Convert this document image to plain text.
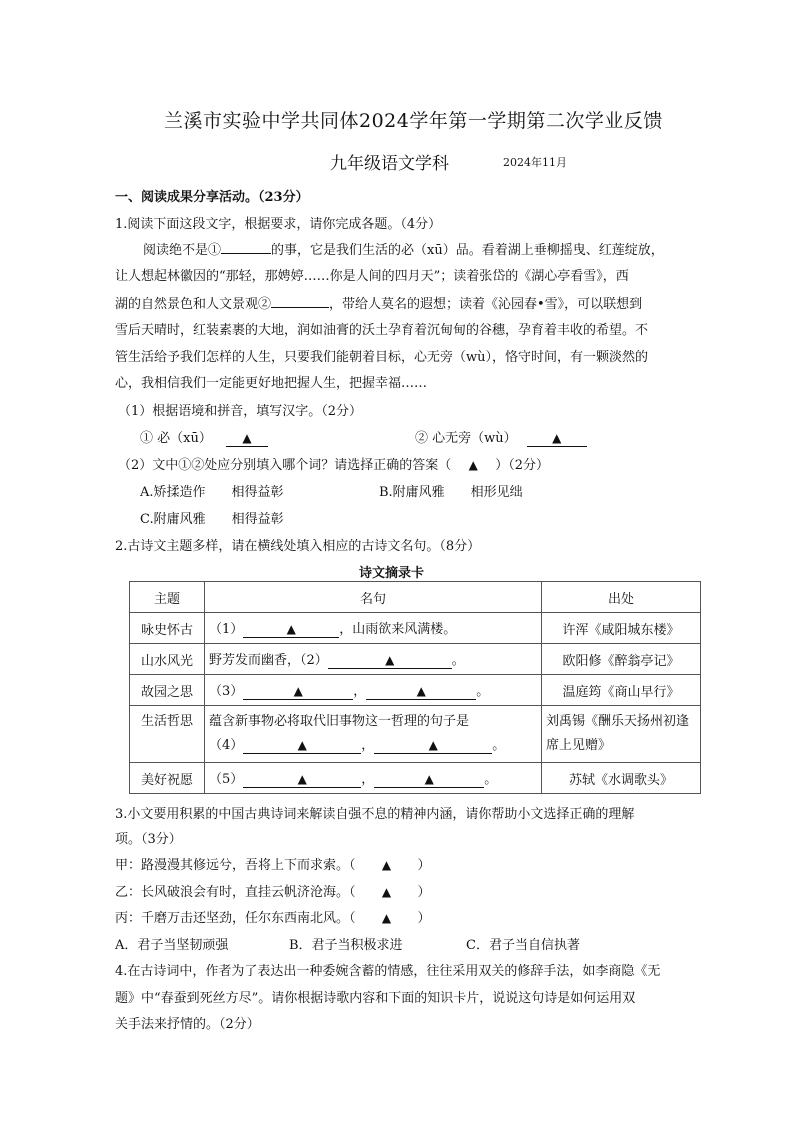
兰溪市实验中学共同体2024学年第一学期第二次学业反馈
九年级语文学科	2024年11月
一、阅读成果分享活动。（23分）
1.阅读下面这段文字，根据要求，请你完成各题。（4分）
阅读绝不是①	的事，它是我们生活的必（xū）品。看着湖上垂柳摇曳、红莲绽放，
让人想起林徽因的“那轻，那娉婷……你是人间的四月天”；读着张岱的《湖心亭看雪》，西
湖的自然景色和人文景观②	，带给人莫名的遐想；读着《沁园春•雪》，可以联想到
雪后天晴时，红装素裹的大地，润如油膏的沃土孕育着沉甸甸的谷穗，孕育着丰收的希望。不
管生活给予我们怎样的人生，只要我们能朝着目标，心无旁（wù），恪守时间，有一颗淡然的
心，我相信我们一定能更好地把握人生，把握幸福……
（1）根据语境和拼音，填写汉字。（2分）
① 必（xū）	▲	② 心无旁（wù）	▲
（2）文中①②处应分别填入哪个词？请选择正确的答案（ ▲ ）（2分）
A.矫揉造作　　相得益彰	B.附庸风雅　　相形见绌
C.附庸风雅　　相得益彰
2.古诗文主题多样，请在横线处填入相应的古诗文名句。（8分）
诗文摘录卡
主题	名句	出处
咏史怀古	（1） ▲ ，山雨欲来风满楼。	许浑《咸阳城东楼》
山水风光	野芳发而幽香，（2） ▲ 。	欧阳修《醉翁亭记》
故园之思	（3） ▲ ， ▲ 。	温庭筠《商山早行》
生活哲思	蕴含新事物必将取代旧事物这一哲理的句子是
（4） ▲ ， ▲ 。	刘禹锡《酬乐天扬州初逢席上见赠》
美好祝愿	（5） ▲ ， ▲ 。	苏轼《水调歌头》
3.小文要用积累的中国古典诗词来解读自强不息的精神内涵，请你帮助小文选择正确的理解
项。（3分）
甲：路漫漫其修远兮，吾将上下而求索。（ ▲ ）
乙：长风破浪会有时，直挂云帆济沧海。（ ▲ ）
丙：千磨万击还坚劲，任尔东西南北风。（ ▲ ）
A．君子当坚韧顽强	B．君子当积极求进	C．君子当自信执著
4.在古诗词中，作者为了表达出一种委婉含蓄的情感，往往采用双关的修辞手法，如李商隐《无
题》中“春蚕到死丝方尽”。请你根据诗歌内容和下面的知识卡片，说说这句诗是如何运用双
关手法来抒情的。（2分）
